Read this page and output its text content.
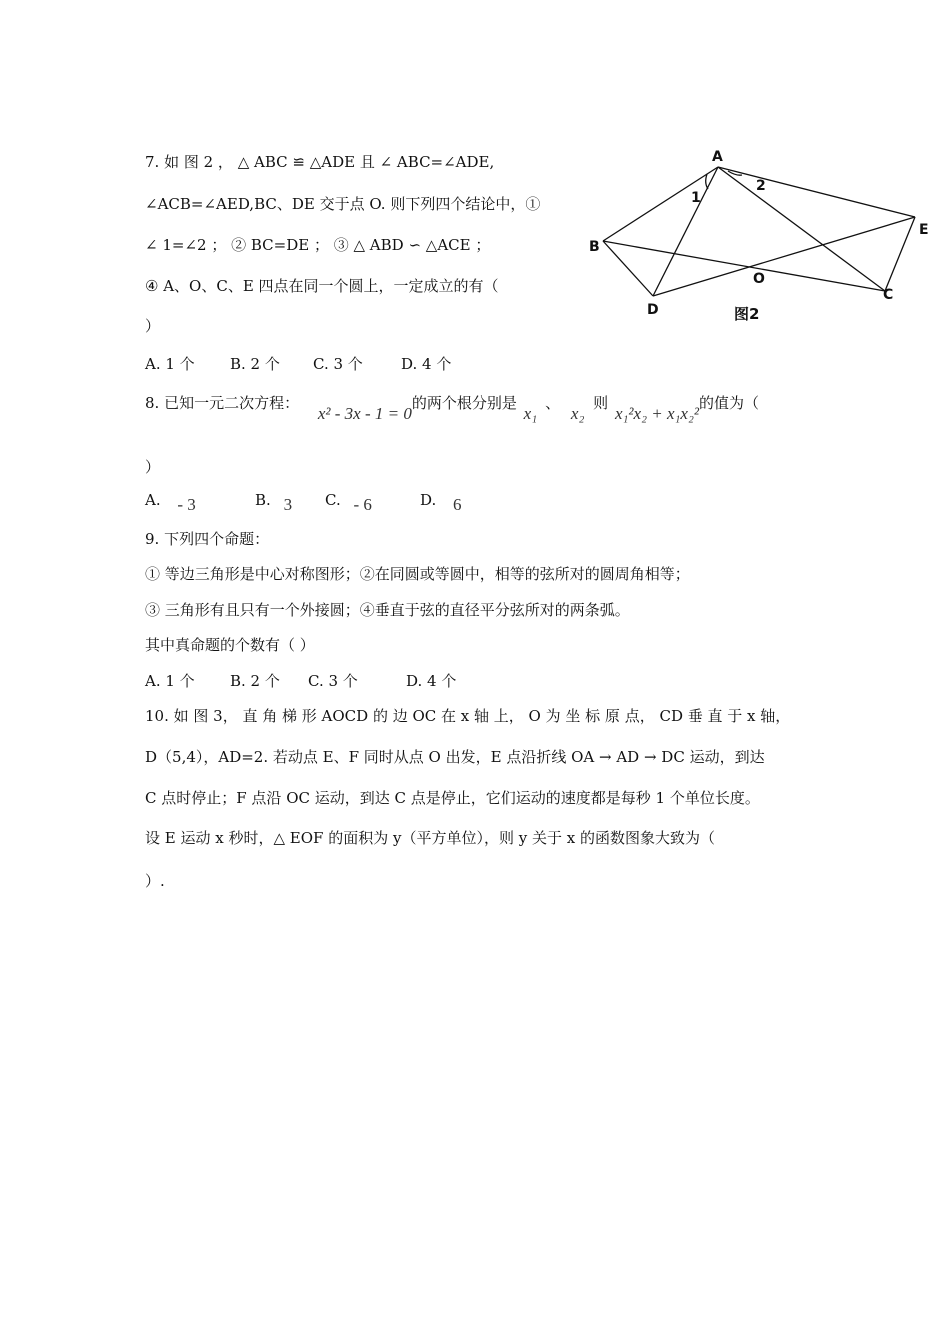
7. 如 图 2 ， △ ABC ≌ △ADE 且 ∠ ABC=∠ADE,
∠ACB=∠AED,BC、DE 交于点 O. 则下列四个结论中，①
∠ 1=∠2 ； ② BC=DE ； ③ △ ABD ∽ △ACE ；
④ A、O、C、E 四点在同一个圆上，一定成立的有（
）
A. 1 个 B. 2 个 C. 3 个	D. 4 个
A
B
C
D
E
O
1
2
图2
8. 已知一元二次方程： x² - 3x - 1 = 0的两个根分别是 x₁、 x₂ 则 x₁²x₂ + x₁x₂²的值为（
）
A. - 3	B. 3 C. - 6	D. 6
9. 下列四个命题：
① 等边三角形是中心对称图形；②在同圆或等圆中，相等的弦所对的圆周角相等；
③ 三角形有且只有一个外接圆；④垂直于弦的直径平分弦所对的两条弧。
其中真命题的个数有（ ）
A. 1 个 B. 2 个 C. 3 个	D. 4 个
10. 如 图 3， 直 角 梯 形 AOCD 的 边 OC 在 x 轴 上， O 为 坐 标 原 点， CD 垂 直 于 x 轴，
D（5,4），AD=2. 若动点 E、F 同时从点 O 出发，E 点沿折线 OA → AD → DC 运动，到达
C 点时停止；F 点沿 OC 运动，到达 C 点是停止，它们运动的速度都是每秒 1 个单位长度。
设 E 运动 x 秒时，△ EOF 的面积为 y（平方单位），则 y 关于 x 的函数图象大致为（
）.
